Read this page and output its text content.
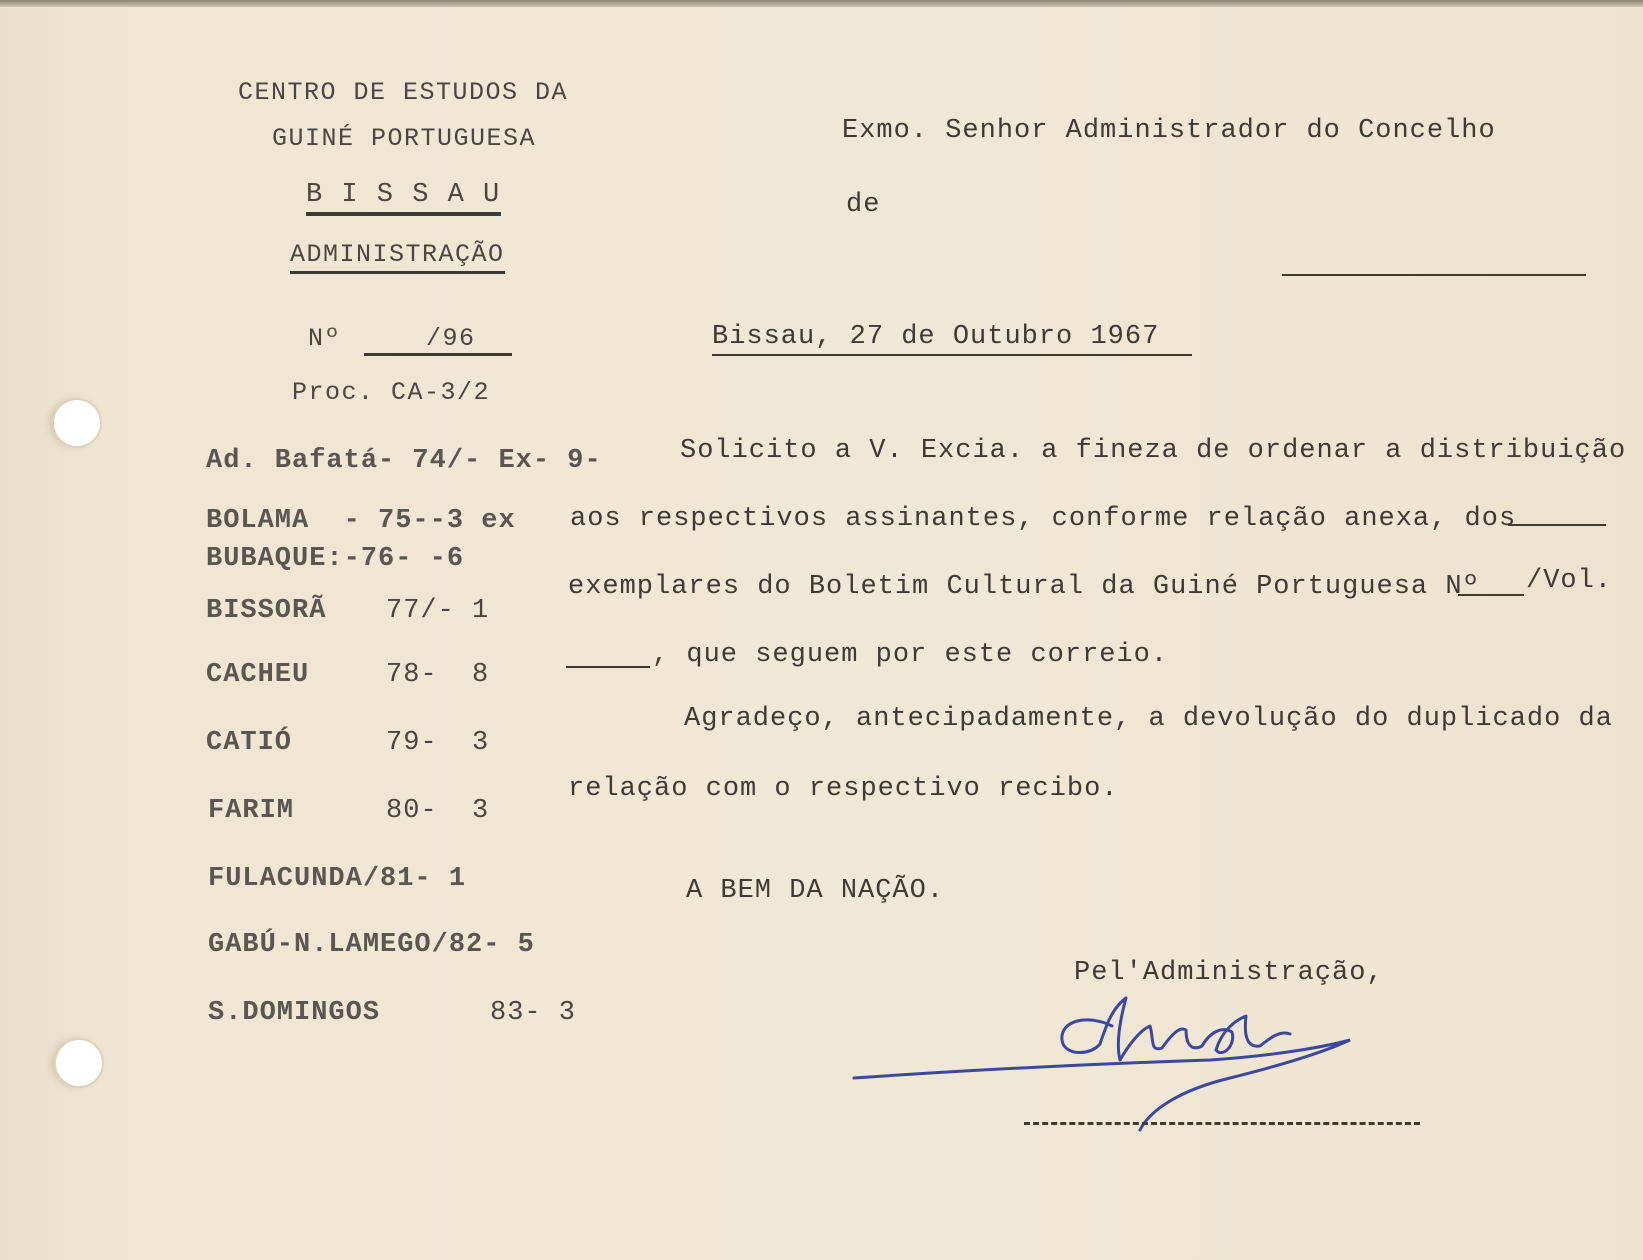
CENTRO DE ESTUDOS DA
GUINÉ PORTUGUESA
B I S S A U
ADMINISTRAÇÃO
Nº	/96
Proc. CA-3/2
Exmo. Senhor Administrador do Concelho
de
Bissau, 27 de Outubro 1967
Ad. Bafatá- 74/- Ex- 9-
BOLAMA  - 75--3 ex
BUBAQUE:-76- -6
BISSORÃ 77/- 1
CACHEU	78-  8
CATIÓ	79-  3
FARIM	80-  3
FULACUNDA/81- 1
GABÚ-N.LAMEGO/82- 5
S.DOMINGOS	83- 3
Solicito a V. Excia. a fineza de ordenar a distribuição
aos respectivos assinantes, conforme relação anexa, dos
exemplares do Boletim Cultural da Guiné Portuguesa Nº /Vol.
, que seguem por este correio.
Agradeço, antecipadamente, a devolução do duplicado da
relação com o respectivo recibo.
A BEM DA NAÇÃO.
Pel'Administração,
